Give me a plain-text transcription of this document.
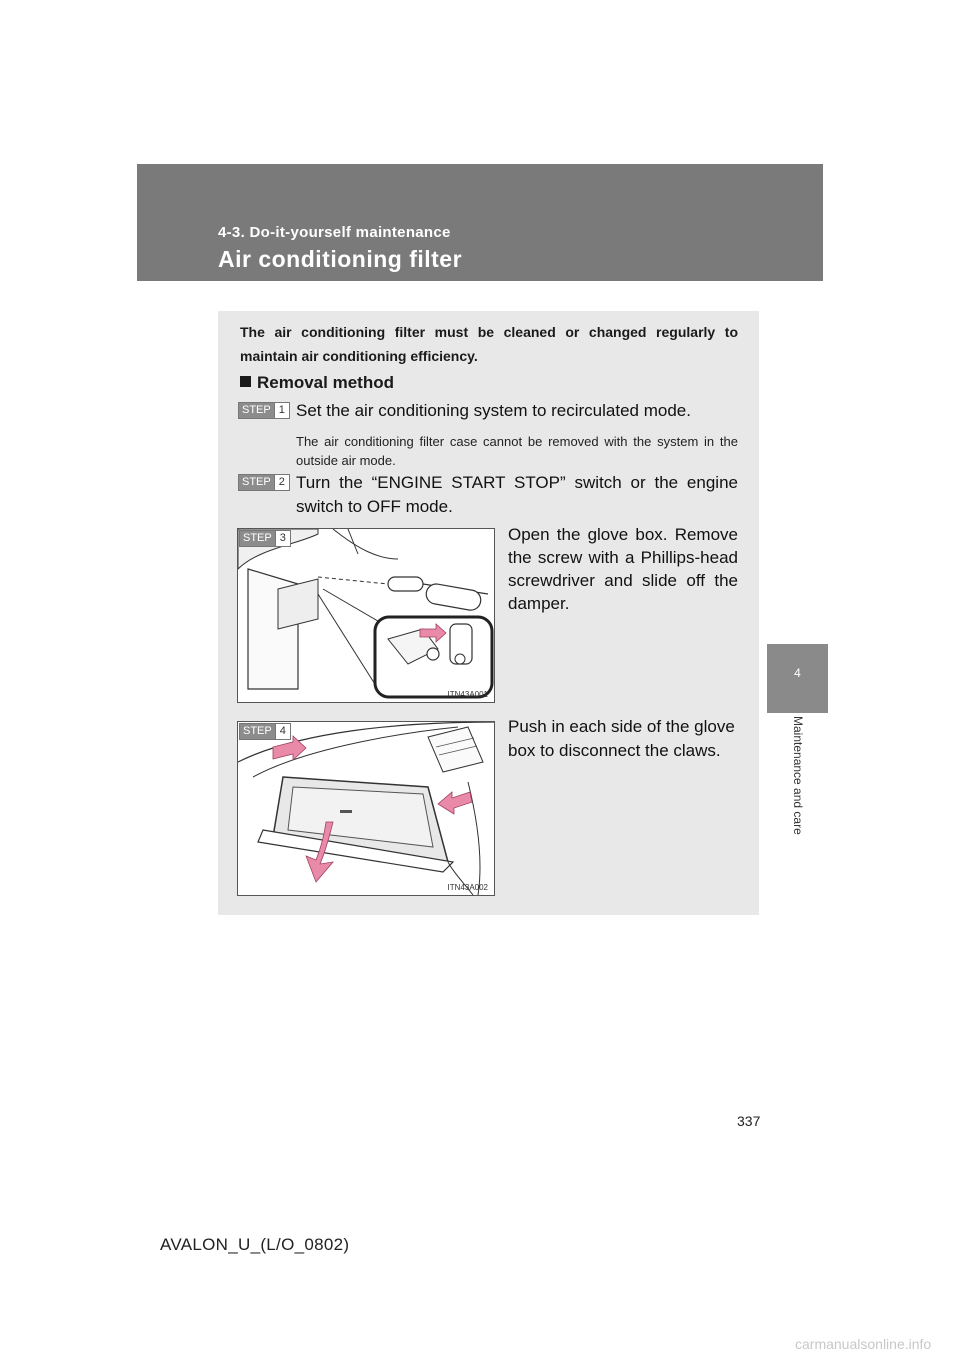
4-3. Do-it-yourself maintenance
Air conditioning filter
4
Maintenance and care
The air conditioning filter must be cleaned or changed regularly to maintain air conditioning efficiency.
Removal method
STEP 1 Set the air conditioning system to recirculated mode.
The air conditioning filter case cannot be removed with the system in the outside air mode.
STEP 2 Turn the “ENGINE START STOP” switch or the engine switch to OFF mode.
STEP 3
ITN43A001
Open the glove box. Remove the screw with a Phillips-head screwdriver and slide off the damper.
STEP 4
ITN43A002
Push in each side of the glove box to disconnect the claws.
337
AVALON_U_(L/O_0802)
carmanualsonline.info
